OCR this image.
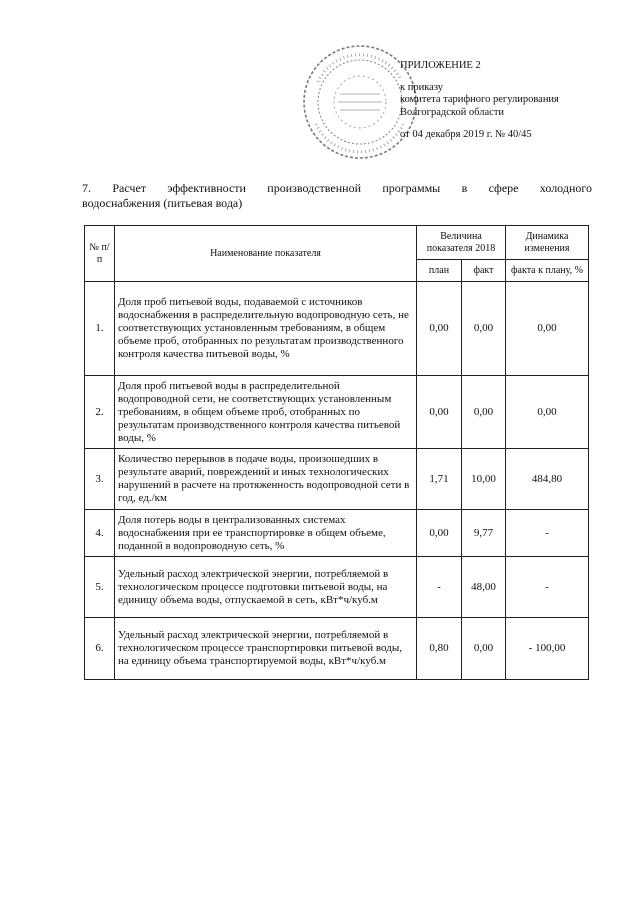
ПРИЛОЖЕНИЕ 2
к приказу
комитета тарифного регулирования
Волгоградской области
от 04 декабря 2019 г. № 40/45
7. Расчет эффективности производственной программы в сфере холодного
водоснабжения (питьевая вода)
№ п/п	Наименование показателя	Величина показателя 2018		Динамика изменения
		план	факт	факта к плану, %
1.	Доля проб питьевой воды, подаваемой с источников водоснабжения в распределительную водопроводную сеть, не соответствующих установленным требованиям, в общем объеме проб, отобранных по результатам производственного контроля качества питьевой воды, %	0,00	0,00	0,00
2.	Доля проб питьевой воды в распределительной водопроводной сети, не соответствующих установленным требованиям, в общем объеме проб, отобранных по результатам производственного контроля качества питьевой воды, %	0,00	0,00	0,00
3.	Количество перерывов в подаче воды, произошедших в результате аварий, повреждений и иных технологических нарушений в расчете на протяженность водопроводной сети в год, ед./км	1,71	10,00	484,80
4.	Доля потерь воды в централизованных системах водоснабжения при ее транспортировке в общем объеме, поданной в водопроводную сеть, %	0,00	9,77	-
5.	Удельный расход электрической энергии, потребляемой в технологическом процессе подготовки питьевой воды, на единицу объема воды, отпускаемой в сеть, кВт*ч/куб.м	-	48,00	-
6.	Удельный расход электрической энергии, потребляемой в технологическом процессе транспортировки питьевой воды, на единицу объема транспортируемой воды, кВт*ч/куб.м	0,80	0,00	- 100,00
